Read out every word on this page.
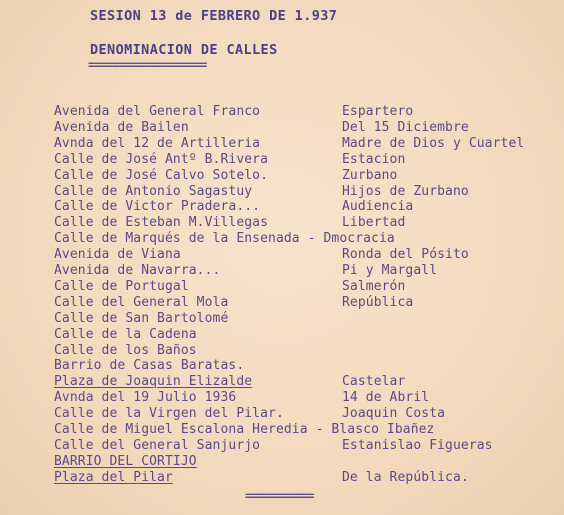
SESION 13 de FEBRERO DE 1.937
DENOMINACION DE CALLES
===================
Avenida del General Franco	Espartero
Avenida de Bailen	Del 15 Diciembre
Avnda del 12 de Artilleria	Madre de Dios y Cuartel
Calle de José Antº B.Rivera	Estacion
Calle de José Calvo Sotelo.	Zurbano
Calle de Antonio Sagastuy	Hijos de Zurbano
Calle de Victor Pradera...	Audiencia
Calle de Esteban M.Villegas	Libertad
Calle de Marqués de la Ensenada - Dmocracia
Avenida de Viana	Ronda del Pósito
Avenida de Navarra...	Pi y Margall
Calle de Portugal	Salmerón
Calle del General Mola	República
Calle de San Bartolomé
Calle de la Cadena
Calle de los Baños
Barrio de Casas Baratas.
Plaza de Joaquin Elizalde	Castelar
Avnda del 19 Julio 1936	14 de Abril
Calle de la Virgen del Pilar.	Joaquin Costa
Calle de Miguel Escalona Heredia - Blasco Ibañez
Calle del General Sanjurjo	Estanislao Figueras
BARRIO DEL CORTIJO
Plaza del Pilar	De la República.
===========
